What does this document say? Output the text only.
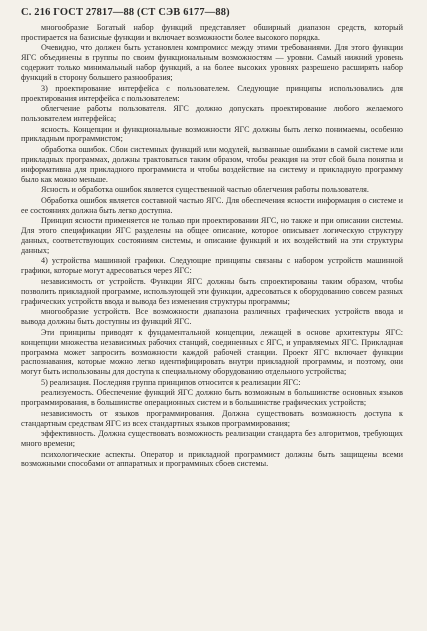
С. 216 ГОСТ 27817—88 (СТ СЭВ 6177—88)

многообразие Богатый набор функций представляет обширный диапазон средств, который простирается на базисные функции и включает возможности более высокого порядка.

Очевидно, что должен быть установлен компромисс между этими требованиями. Для этого функции ЯГС объединены в группы по своим функциональным возможностям — уровни. Самый нижний уровень содержит только минимальный набор функций, а на более высоких уровнях разрешено расширять набор функций в сторону большего разнообразия;

3) проектирование интерфейса с пользователем. Следующие принципы использовались для проектирования интерфейса с пользователем:

облегчение работы пользователя. ЯГС должно допускать проектирование любого желаемого пользователем интерфейса;

ясность. Концепции и функциональные возможности ЯГС должны быть легко понимаемы, особенно прикладным программистом;

обработка ошибок. Сбои системных функций или модулей, вызванные ошибками в самой системе или прикладных программах, должны трактоваться таким образом, чтобы реакция на этот сбой была понятна и информативна для прикладного программиста и чтобы воздействие на систему и прикладную программу было как можно меньше.

Ясность и обработка ошибок является существенной частью облегчения работы пользователя.

Обработка ошибок является составной частью ЯГС. Для обеспечения ясности информация о системе и ее состояниях должна быть легко доступна.

Принцип ясности применяется не только при проектировании ЯГС, но также и при описании системы. Для этого спецификации ЯГС разделены на общее описание, которое описывает логическую структуру данных, соответствующих состояниям системы, и описание функций и их воздействий на эти структуры данных;

4) устройства машинной графики. Следующие принципы связаны с набором устройств машинной графики, которые могут адресоваться через ЯГС:

независимость от устройств. Функции ЯГС должны быть спроектированы таким образом, чтобы позволить прикладной программе, использующей эти функции, адресоваться к оборудованию совсем разных графических устройств ввода и вывода без изменения структуры программы;

многообразие устройств. Все возможности диапазона различных графических устройств ввода и вывода должны быть доступны из функций ЯГС.

Эти принципы приводят к фундаментальной концепции, лежащей в основе архитектуры ЯГС: концепции множества независимых рабочих станций, соединенных с ЯГС, и управляемых ЯГС. Прикладная программа может запросить возможности каждой рабочей станции. Проект ЯГС включает функции распознавания, которые можно легко идентифицировать внутри прикладной программы, и поэтому, они могут быть использованы для доступа к специальному оборудованию отдельного устройства;

5) реализация. Последняя группа принципов относится к реализации ЯГС:

реализуемость. Обеспечение функций ЯГС должно быть возможным в большинстве основных языков программирования, в большинстве операционных систем и в большинстве графических устройств;

независимость от языков программирования. Должна существовать возможность доступа к стандартным средствам ЯГС из всех стандартных языков программирования;

эффективность. Должна существовать возможность реализации стандарта без алгоритмов, требующих много времени;

психологические аспекты. Оператор и прикладной программист должны быть защищены всеми возможными способами от аппаратных и программных сбоев системы.
